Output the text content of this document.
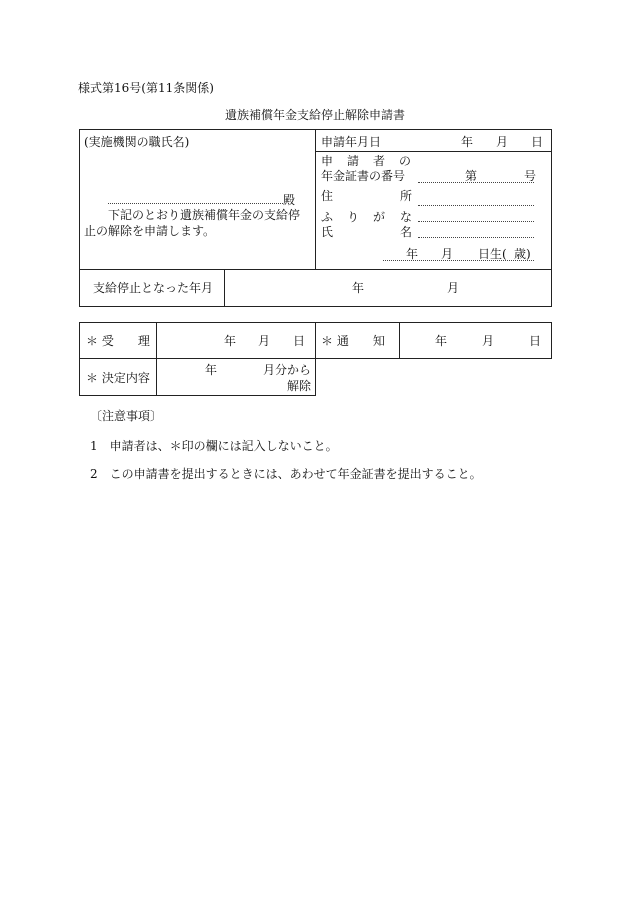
様式第16号(第11条関係)
遺族補償年金支給停止解除申請書
(実施機関の職氏名)
殿
下記のとおり遺族補償年金の支給停
止の解除を申請します。
申請年月日	年 月 日
申　請　者　の
年金証書の番号	第	号
住	所
ふ り が な
氏	名
年 月 日生( 歳)
支給停止となった年月	年	月
＊ 受　　理	年 月 日 ＊ 通　　知	年	月	日
＊ 決定内容
年	月分から
解除
〔注意事項〕
1　申請者は、＊印の欄には記入しないこと。
2　この申請書を提出するときには、あわせて年金証書を提出すること。
